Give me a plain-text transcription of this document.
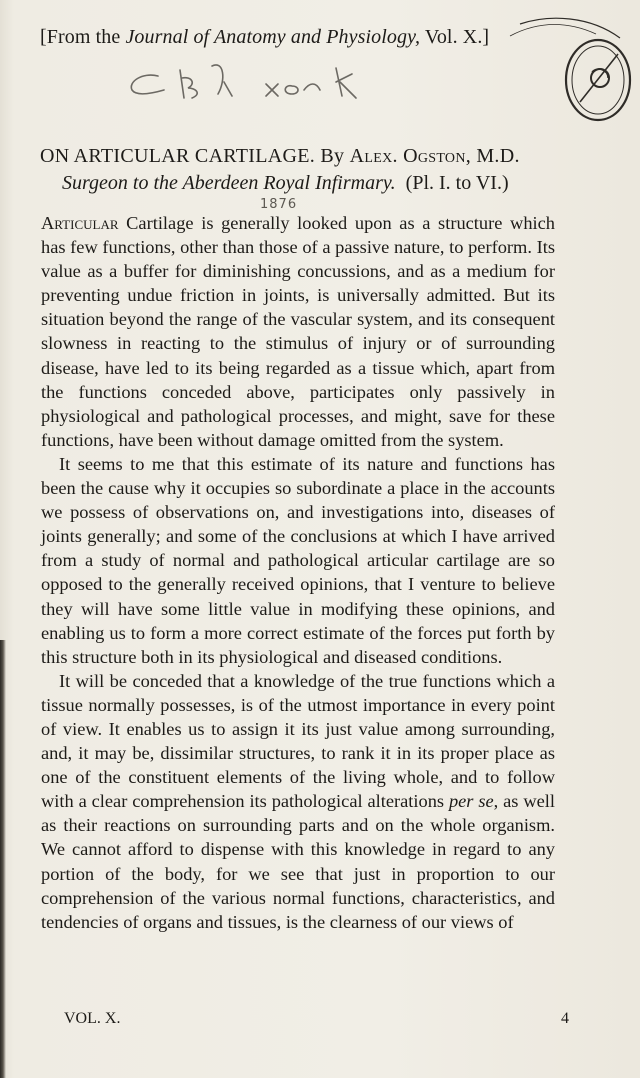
[From the Journal of Anatomy and Physiology, Vol. X.]
ON ARTICULAR CARTILAGE. By Alex. Ogston, M.D.
Surgeon to the Aberdeen Royal Infirmary. (Pl. I. to VI.)
1876

Articular Cartilage is generally looked upon as a structure which has few functions, other than those of a passive nature, to perform. Its value as a buffer for diminishing concussions, and as a medium for preventing undue friction in joints, is universally admitted. But its situation beyond the range of the vascular system, and its consequent slowness in reacting to the stimulus of injury or of surrounding disease, have led to its being regarded as a tissue which, apart from the functions conceded above, participates only passively in physiological and pathological processes, and might, save for these functions, have been without damage omitted from the system.

It seems to me that this estimate of its nature and functions has been the cause why it occupies so subordinate a place in the accounts we possess of observations on, and investigations into, diseases of joints generally; and some of the conclusions at which I have arrived from a study of normal and pathological articular cartilage are so opposed to the generally received opinions, that I venture to believe they will have some little value in modifying these opinions, and enabling us to form a more correct estimate of the forces put forth by this structure both in its physiological and diseased conditions.

It will be conceded that a knowledge of the true functions which a tissue normally possesses, is of the utmost importance in every point of view. It enables us to assign it its just value among surrounding, and, it may be, dissimilar structures, to rank it in its proper place as one of the constituent elements of the living whole, and to follow with a clear comprehension its pathological alterations per se, as well as their reactions on surrounding parts and on the whole organism. We cannot afford to dispense with this knowledge in regard to any portion of the body, for we see that just in proportion to our comprehension of the various normal functions, characteristics, and tendencies of organs and tissues, is the clearness of our views of

VOL. X.	4
